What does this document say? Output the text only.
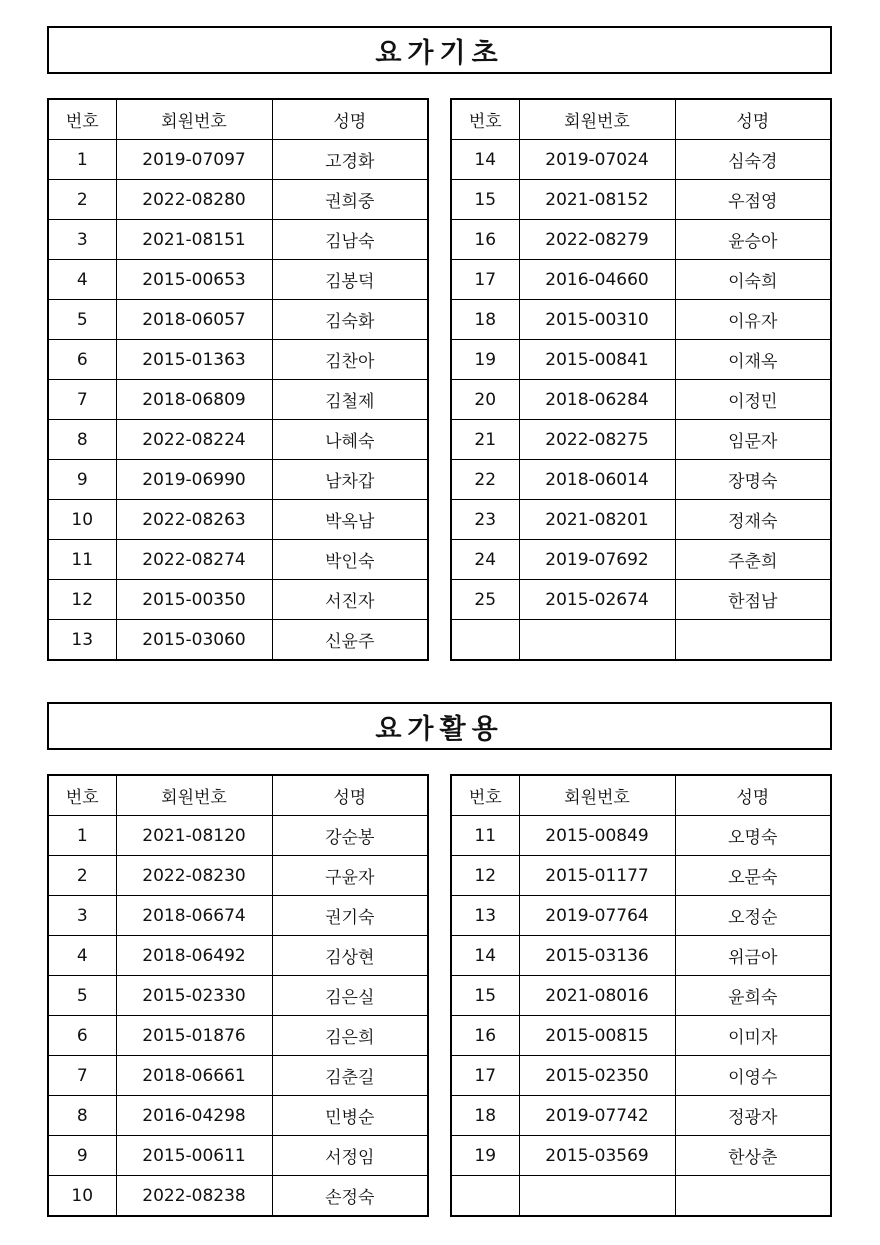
요가기초
번호	회원번호	성명
1	2019-07097	고경화
2	2022-08280	권희중
3	2021-08151	김남숙
4	2015-00653	김봉덕
5	2018-06057	김숙화
6	2015-01363	김찬아
7	2018-06809	김철제
8	2022-08224	나혜숙
9	2019-06990	남차갑
10	2022-08263	박옥남
11	2022-08274	박인숙
12	2015-00350	서진자
13	2015-03060	신윤주
번호	회원번호	성명
14	2019-07024	심숙경
15	2021-08152	우점영
16	2022-08279	윤승아
17	2016-04660	이숙희
18	2015-00310	이유자
19	2015-00841	이재옥
20	2018-06284	이정민
21	2022-08275	임문자
22	2018-06014	장명숙
23	2021-08201	정재숙
24	2019-07692	주춘희
25	2015-02674	한점남

요가활용
번호	회원번호	성명
1	2021-08120	강순봉
2	2022-08230	구윤자
3	2018-06674	권기숙
4	2018-06492	김상현
5	2015-02330	김은실
6	2015-01876	김은희
7	2018-06661	김춘길
8	2016-04298	민병순
9	2015-00611	서정임
10	2022-08238	손정숙
번호	회원번호	성명
11	2015-00849	오명숙
12	2015-01177	오문숙
13	2019-07764	오정순
14	2015-03136	위금아
15	2021-08016	윤희숙
16	2015-00815	이미자
17	2015-02350	이영수
18	2019-07742	정광자
19	2015-03569	한상춘
